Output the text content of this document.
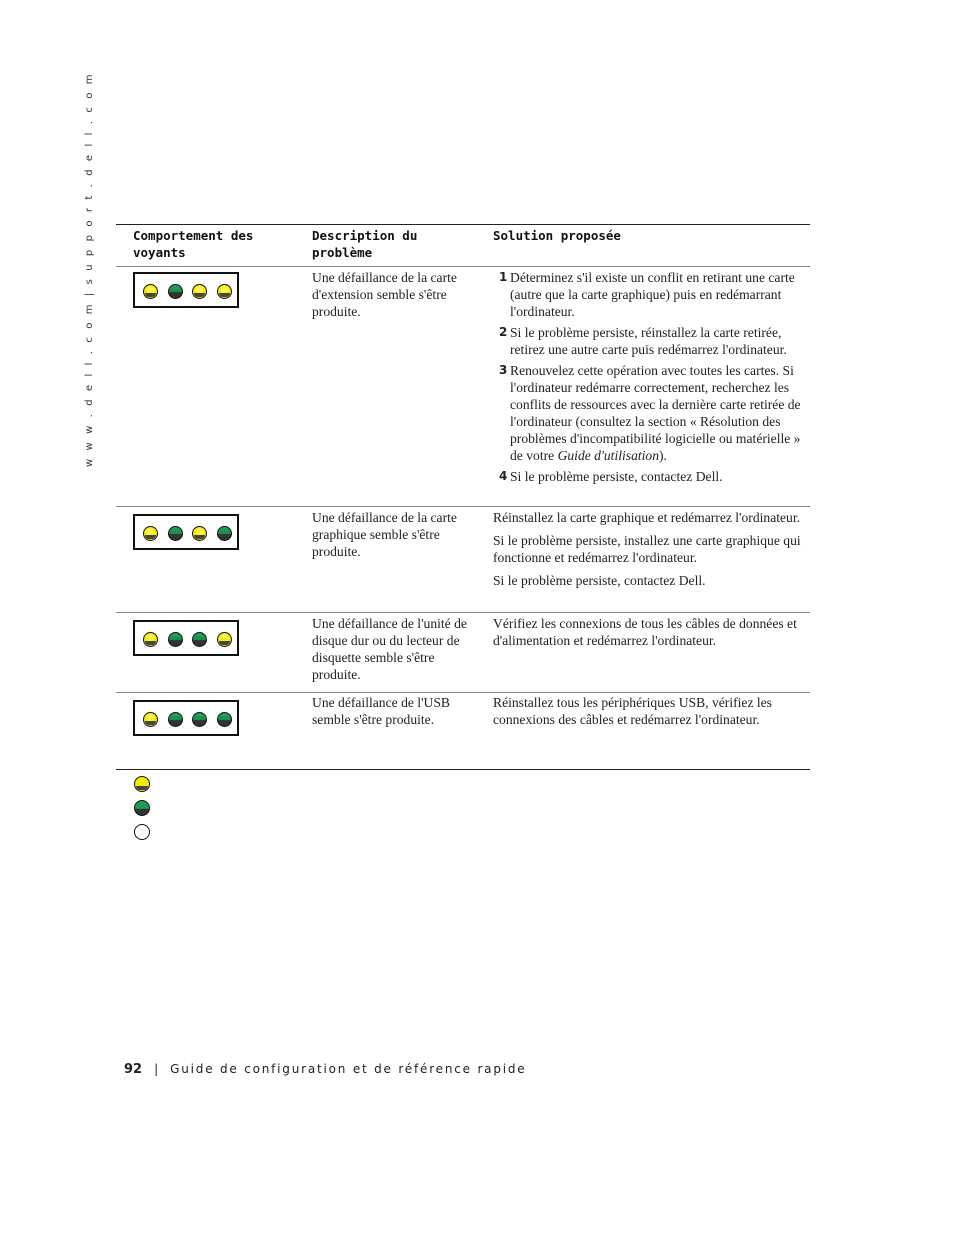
w w w . d e l l . c o m | s u p p o r t . d e l l . c o m	Comportement des voyants
Description du problème
Solution proposée
Une défaillance de la carte d'extension semble s'être produite.
1 Déterminez s'il existe un conflit en retirant une carte (autre que la carte graphique) puis en redémarrant l'ordinateur.
2 Si le problème persiste, réinstallez la carte retirée, retirez une autre carte puis redémarrez l'ordinateur.
3 Renouvelez cette opération avec toutes les cartes. Si l'ordinateur redémarre correctement, recherchez les conflits de ressources avec la dernière carte retirée de l'ordinateur (consultez la section « Résolution des problèmes d'incompatibilité logicielle ou matérielle » de votre Guide d'utilisation).
4 Si le problème persiste, contactez Dell.
Une défaillance de la carte graphique semble s'être produite.

Réinstallez la carte graphique et redémarrez l'ordinateur.

Si le problème persiste, installez une carte graphique qui fonctionne et redémarrez l'ordinateur.

Si le problème persiste, contactez Dell.

Une défaillance de l'unité de disque dur ou du lecteur de disquette semble s'être produite.

Vérifiez les connexions de tous les câbles de données et d'alimentation et redémarrez l'ordinateur.

Une défaillance de l'USB semble s'être produite.

Réinstallez tous les périphériques USB, vérifiez les connexions des câbles et redémarrez l'ordinateur.

92 | Guide de configuration et de référence rapide
